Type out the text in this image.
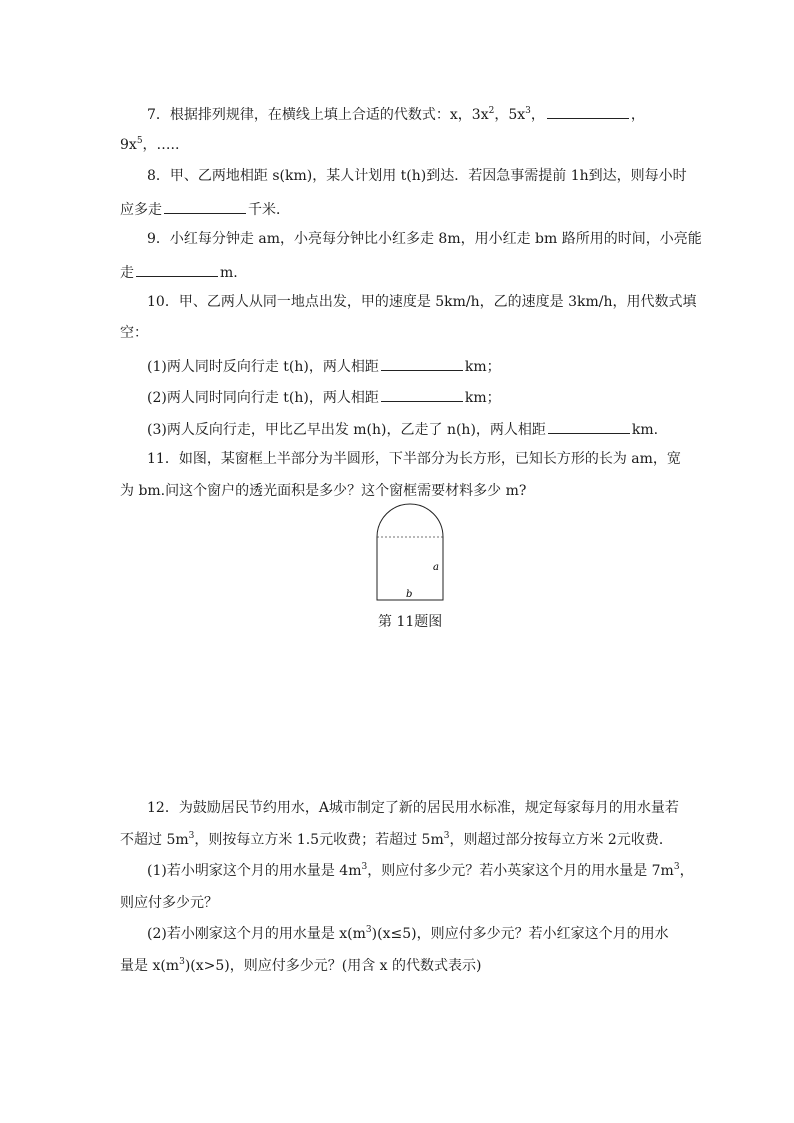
7．根据排列规律，在横线上填上合适的代数式：x，$3x^2$，$5x^3$，	，
$9x^5$，…..
8．甲、乙两地相距 s(km)，某人计划用 t(h)到达．若因急事需提前 1h到达，则每小时
应多走	千米．
9．小红每分钟走 am，小亮每分钟比小红多走 8m，用小红走 bm 路所用的时间，小亮能
走	m.
10．甲、乙两人从同一地点出发，甲的速度是 5km/h，乙的速度是 3km/h，用代数式填
空：
(1)两人同时反向行走 t(h)，两人相距	km；
(2)两人同时同向行走 t(h)，两人相距	km；
(3)两人反向行走，甲比乙早出发 m(h)，乙走了 n(h)，两人相距	km.
11．如图，某窗框上半部分为半圆形，下半部分为长方形，已知长方形的长为 am，宽
为 bm.问这个窗户的透光面积是多少？这个窗框需要材料多少 m?
a
b
第 11题图
12．为鼓励居民节约用水，A城市制定了新的居民用水标准，规定每家每月的用水量若
不超过 $5m^3$，则按每立方米 1.5元收费；若超过 $5m^3$，则超过部分按每立方米 2元收费．
(1)若小明家这个月的用水量是 $4m^3$，则应付多少元？若小英家这个月的用水量是 $7m^3$，
则应付多少元？
(2)若小刚家这个月的用水量是 $x(m^3)(x\le 5)$，则应付多少元？若小红家这个月的用水
量是 $x(m^3)(x>5)$，则应付多少元？(用含 x 的代数式表示)
